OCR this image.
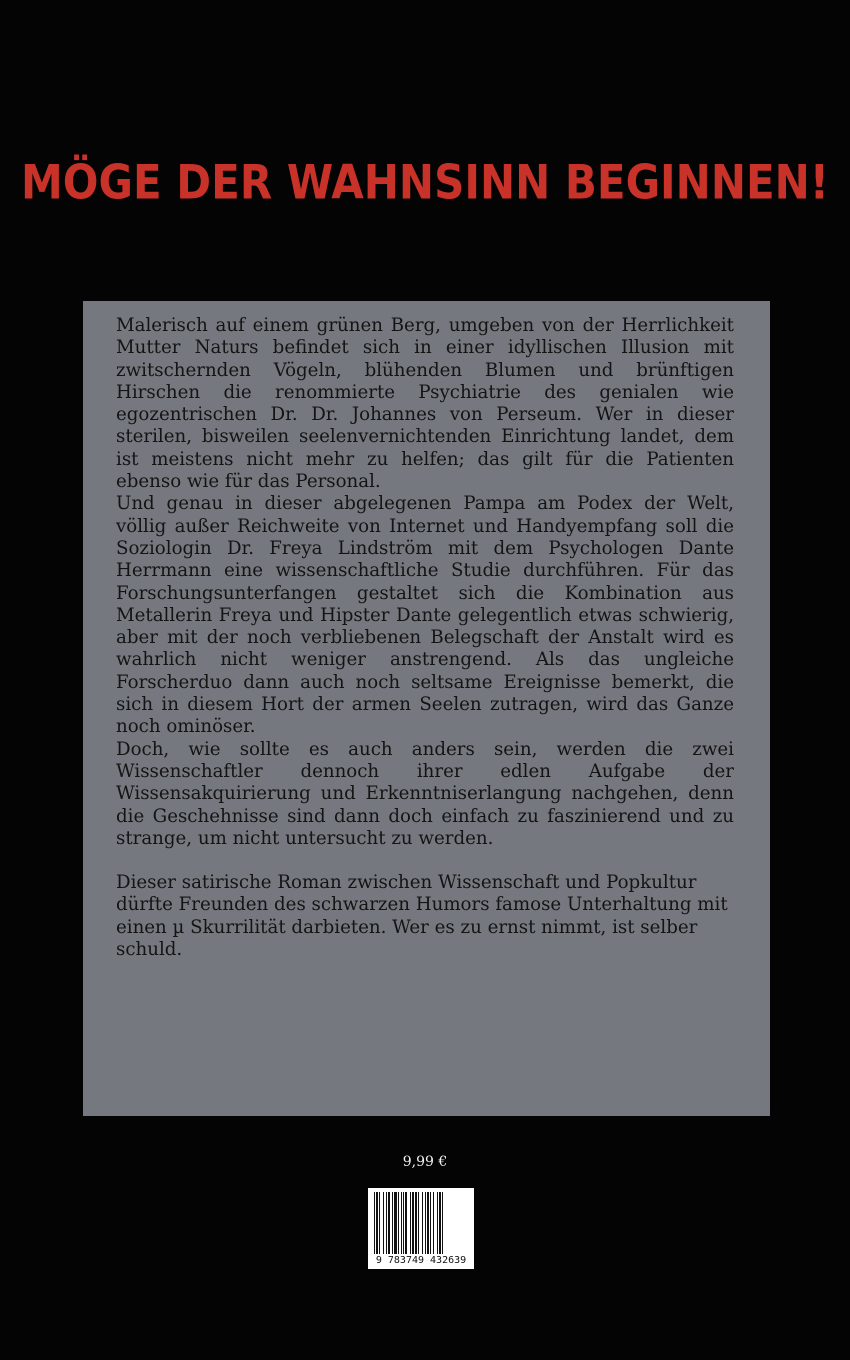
MÖGE DER WAHNSINN BEGINNEN!

Malerisch auf einem grünen Berg, umgeben von der Herrlichkeit Mutter Naturs befindet sich in einer idyllischen Illusion mit zwitschernden Vögeln, blühenden Blumen und brünftigen Hirschen die renommierte Psychiatrie des genialen wie egozentrischen Dr. Dr. Johannes von Perseum. Wer in dieser sterilen, bisweilen seelenvernichtenden Einrichtung landet, dem ist meistens nicht mehr zu helfen; das gilt für die Patienten ebenso wie für das Personal.

Und genau in dieser abgelegenen Pampa am Podex der Welt, völlig außer Reichweite von Internet und Handyempfang soll die Soziologin Dr. Freya Lindström mit dem Psychologen Dante Herrmann eine wissenschaftliche Studie durchführen. Für das Forschungsunterfangen gestaltet sich die Kombination aus Metallerin Freya und Hipster Dante gelegentlich etwas schwierig, aber mit der noch verbliebenen Belegschaft der Anstalt wird es wahrlich nicht weniger anstrengend. Als das ungleiche Forscherduo dann auch noch seltsame Ereignisse bemerkt, die sich in diesem Hort der armen Seelen zutragen, wird das Ganze noch ominöser.

Doch, wie sollte es auch anders sein, werden die zwei Wissenschaftler dennoch ihrer edlen Aufgabe der Wissensakquirierung und Erkenntniserlangung nachgehen, denn die Geschehnisse sind dann doch einfach zu faszinierend und zu strange, um nicht untersucht zu werden.

Dieser satirische Roman zwischen Wissenschaft und Popkultur dürfte Freunden des schwarzen Humors famose Unterhaltung mit einen µ Skurrilität darbieten. Wer es zu ernst nimmt, ist selber schuld.

9,99 €
9 783749 432639
